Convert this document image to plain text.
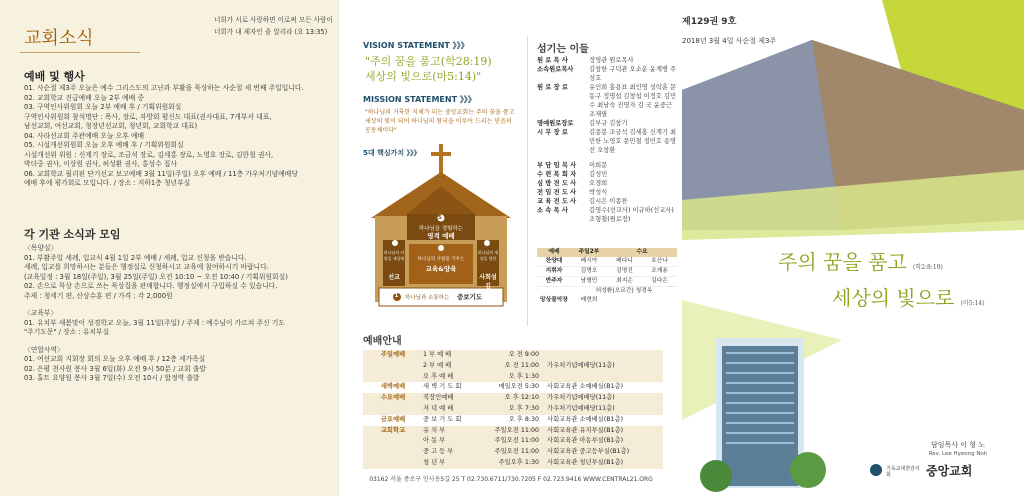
교회소식
너희가 서로 사랑하면 이로써 모든 사람이
너희가 내 제자인 줄 알리라 (요 13:35)
예배 및 행사
01. 사순절 제3주 오늘은 예수 그리스도의 고난과 부활을 묵상하는 사순절 세 번째 주일입니다.
02. 교회학교 진급예배 오늘 2부 예배 중
03. 구역인사위원회 오늘 2부 예배 후 / 기획위원회실
구역인사위원회 참석명단 : 목사, 장로, 자방회 평신도 대표(권사대표, 7개부서 대표,
남선교회, 여선교회, 청장년선교회, 청년회, 교회학교 대표)
04. 사라선교회 주관예배 오늘 오후 예배
05. 시설개선위원회 오늘 오후 예배 후 / 기획위원회실
시설개선위 위원 : 신계기 장로, 조금석 장로, 김세홍 장로, 노영호 장로, 김한철 권사,
박더중 권사, 이상원 권사, 허성환 권사, 홍성수 집사
06. 교회학교 필리핀 단기선교 보고예배 3월 11일(주일) 오후 예배 / 11층 가우처기념예배당
예배 후에 평가회로 모입니다. / 장소 : 지하1층 청년부실
각 기관 소식과 모임
〈목양실〉
01. 부활주일 세례, 입교식 4월 1일 2부 예배 / 세례, 입교 신청을 받습니다.
세례, 입교를 희망하시는 분들은 행정실로 신청하시고 교육에 참여하시기 바랍니다.
(교육일정 : 3월 18일(주일), 3월 25일(주일) 오전 10:10 ~ 오전 10:40 / 기획위원회실)
02. 손으로 묵상 손으로 쓰는 묵상집을 판매합니다. 행정실에서 구입하실 수 있습니다.
주제 : 청세기 편, 산상수훈 편 / 가격 : 각 2,000원
〈교육부〉
01. 유치부 새봄맞이 성경학교 오늘, 3월 11일(주일) / 주제 : 예수님이 가르쳐 주신 기도
"주기도문" / 장소 : 유치부실
〈연합사역〉
01. 여선교회 지회장 회의 오늘 오후 예배 후 / 12층 세가족실
02. 은평 천사원 봉사 3월 6일(화) 오전 9시 50분 / 교회 출발
03. 홀트 요양원 봉사 3월 7일(수) 오전 10시 / 합정역 출발
VISION STATEMENT 》》》
"주의 꿈을 품고(학28:19)
세상의 빛으로(마5:14)"
MISSION STATEMENT 》》》
"하나님의 거룩한 지체가 되는 중앙교회는 주의 꿈을 품고 세상의 빛이 되어 하나님의 왕국을 이루어 드리는 믿음의 공동체이다"
5대 핵심가치 》》》
5
하나님을 경험하는
영적 예배
하나님의 사람을 키우는
교육&양육
하나님의 사랑을 세상에
선교
하나님의 세상을 향한
사회섬김
1 하나님과 소통하는 중보기도
섬기는 이들
원 로 목 사	정영관 원로목사
소속원로목사	김창한 구덕관 오소운 윤계병 주성호
원 로 장 로	유인희 홍용표 최인영 성락훈 문동구 정명섭 김창섭 이정호 김민수 최남숙 진영자 김 국 윤중근 조재필
명예원로장로	김부규 김창기
시 무 장 로	김종봉 조금석 김세홍 신계기 최민한 노영호 문민철 정민호 송명선 오창환
부 담 임 목 사	이희문
수 련 목 회 자	김성민
심 방 전 도 사	오경희
전 임 전 도 사	박성식
교 육 전 도 사	김시은 이종찬
소 속 목 사	김영수(선교사) 이규하(선교사) 조형철(원로장)
예배	주일2부	수요
찬양대	베시아	베다니	호산나
지휘자	김명오	김명진	조재용
반주자	남형민	최지은	김다은
허성환(오르간) 청경옥
앙상블악장	배현희
예배안내
주일예배	1 부 예 배	오 전 9:00
2 부 예 배	오 전 11:00	가우처기념예배당(11층)
오 후 예 배	오 후 1:30
새벽예배	새 벽 기 도 회	매일오전 5:30	사회교육관 소예배실(B1층)
수요예배	직장인예배	오 후 12:10	가우처기념예배당(11층)
저 녁 예 배	오 후 7:30	가우처기념예배당(11층)
금요예배	중 보 기 도 회	오 후 8:30	사회교육관 소예배실(B1층)
교회학교	유 치 부	주일오전 11:00	사회교육관 유치부실(B1층)
아 동 부	주일오전 11:00	사회교육관 아동부실(B1층)
중 고 등 부	주일오전 11:00	사회교육관 중고등부실(B1층)
청 년 부	주일오후 1:30	사회교육관 청년부실(B1층)
03162 서울 종로구 인사동5길 25 T 02.730.6711/730.7205 F 02.723.9416 WWW.CENTRAL21.ORG
제129권 9호
2018년 3월 4일 사순절 제3주
주의 꿈을 품고 (학2:8:19)
세상의 빛으로 (마5:14)
담임목사 이 형 노
Rev. Lee Hyeong Noh
기독교대한감리회	중앙교회
